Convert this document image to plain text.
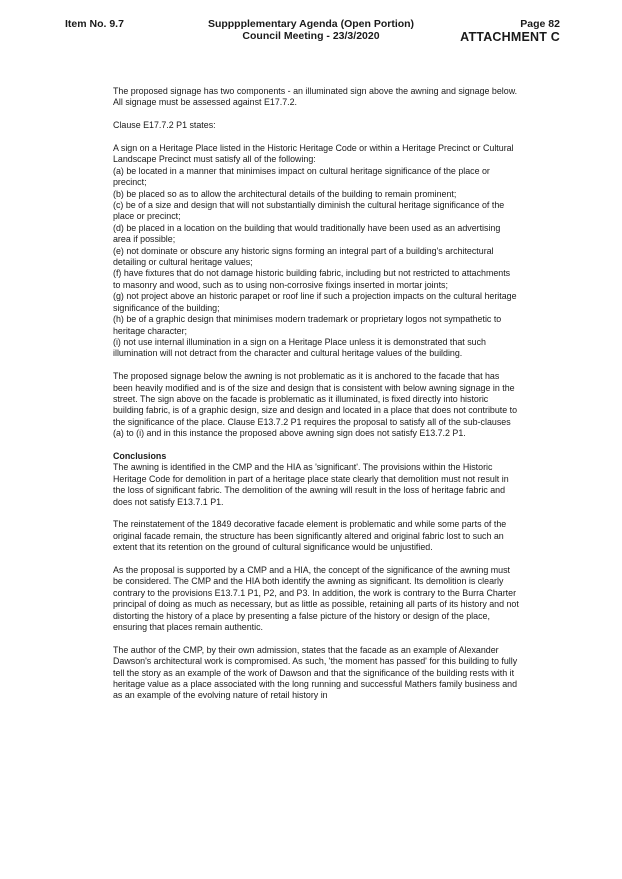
Item No. 9.7	Supppplementary Agenda (Open Portion)
Council Meeting - 23/3/2020
Page 82
ATTACHMENT C

The proposed signage has two components - an illuminated sign above the awning and signage below. All signage must be assessed against E17.7.2.

Clause E17.7.2 P1 states:

A sign on a Heritage Place listed in the Historic Heritage Code or within a Heritage Precinct or Cultural Landscape Precinct must satisfy all of the following:
(a) be located in a manner that minimises impact on cultural heritage significance of the place or precinct;
(b) be placed so as to allow the architectural details of the building to remain prominent;
(c) be of a size and design that will not substantially diminish the cultural heritage significance of the place or precinct;
(d) be placed in a location on the building that would traditionally have been used as an advertising area if possible;
(e) not dominate or obscure any historic signs forming an integral part of a building's architectural detailing or cultural heritage values;
(f) have fixtures that do not damage historic building fabric, including but not restricted to attachments to masonry and wood, such as to using non-corrosive fixings inserted in mortar joints;
(g) not project above an historic parapet or roof line if such a projection impacts on the cultural heritage significance of the building;
(h) be of a graphic design that minimises modern trademark or proprietary logos not sympathetic to heritage character;
(i) not use internal illumination in a sign on a Heritage Place unless it is demonstrated that such illumination will not detract from the character and cultural heritage values of the building.

The proposed signage below the awning is not problematic as it is anchored to the facade that has been heavily modified and is of the size and design that is consistent with below awning signage in the street. The sign above on the facade is problematic as it illuminated, is fixed directly into historic building fabric, is of a graphic design, size and design and located in a place that does not contribute to the significance of the place. Clause E13.7.2 P1 requires the proposal to satisfy all of the sub-clauses (a) to (i) and in this instance the proposed above awning sign does not satisfy E13.7.2 P1.

Conclusions
The awning is identified in the CMP and the HIA as 'significant'. The provisions within the Historic Heritage Code for demolition in part of a heritage place state clearly that demolition must not result in the loss of significant fabric. The demolition of the awning will result in the loss of heritage fabric and does not satisfy E13.7.1 P1.

The reinstatement of the 1849 decorative facade element is problematic and while some parts of the original facade remain, the structure has been significantly altered and original fabric lost to such an extent that its retention on the ground of cultural significance would be unjustified.

As the proposal is supported by a CMP and a HIA, the concept of the significance of the awning must be considered. The CMP and the HIA both identify the awning as significant. Its demolition is clearly contrary to the provisions E13.7.1 P1, P2, and P3. In addition, the work is contrary to the Burra Charter principal of doing as much as necessary, but as little as possible, retaining all parts of its history and not distorting the history of a place by presenting a false picture of the history or design of the place, ensuring that places remain authentic.

The author of the CMP, by their own admission, states that the facade as an example of Alexander Dawson's architectural work is compromised. As such, 'the moment has passed' for this building to fully tell the story as an example of the work of Dawson and that the significance of the building rests with it heritage value as a place associated with the long running and successful Mathers family business and as an example of the evolving nature of retail history in
